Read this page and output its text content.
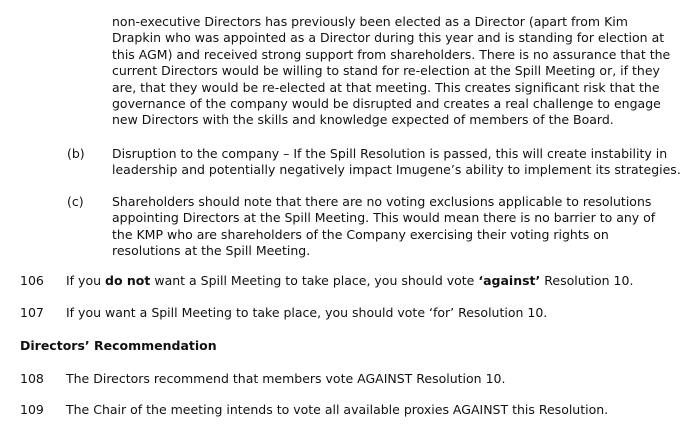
non-executive Directors has previously been elected as a Director (apart from Kim
Drapkin who was appointed as a Director during this year and is standing for election at
this AGM) and received strong support from shareholders. There is no assurance that the
current Directors would be willing to stand for re-election at the Spill Meeting or, if they
are, that they would be re-elected at that meeting. This creates significant risk that the
governance of the company would be disrupted and creates a real challenge to engage
new Directors with the skills and knowledge expected of members of the Board.
(b) Disruption to the company – If the Spill Resolution is passed, this will create instability in
leadership and potentially negatively impact Imugene’s ability to implement its strategies.
(c) Shareholders should note that there are no voting exclusions applicable to resolutions
appointing Directors at the Spill Meeting. This would mean there is no barrier to any of
the KMP who are shareholders of the Company exercising their voting rights on
resolutions at the Spill Meeting.
106 If you do not want a Spill Meeting to take place, you should vote ‘against’ Resolution 10.
107 If you want a Spill Meeting to take place, you should vote ‘for’ Resolution 10.
Directors’ Recommendation
108 The Directors recommend that members vote AGAINST Resolution 10.
109 The Chair of the meeting intends to vote all available proxies AGAINST this Resolution.
